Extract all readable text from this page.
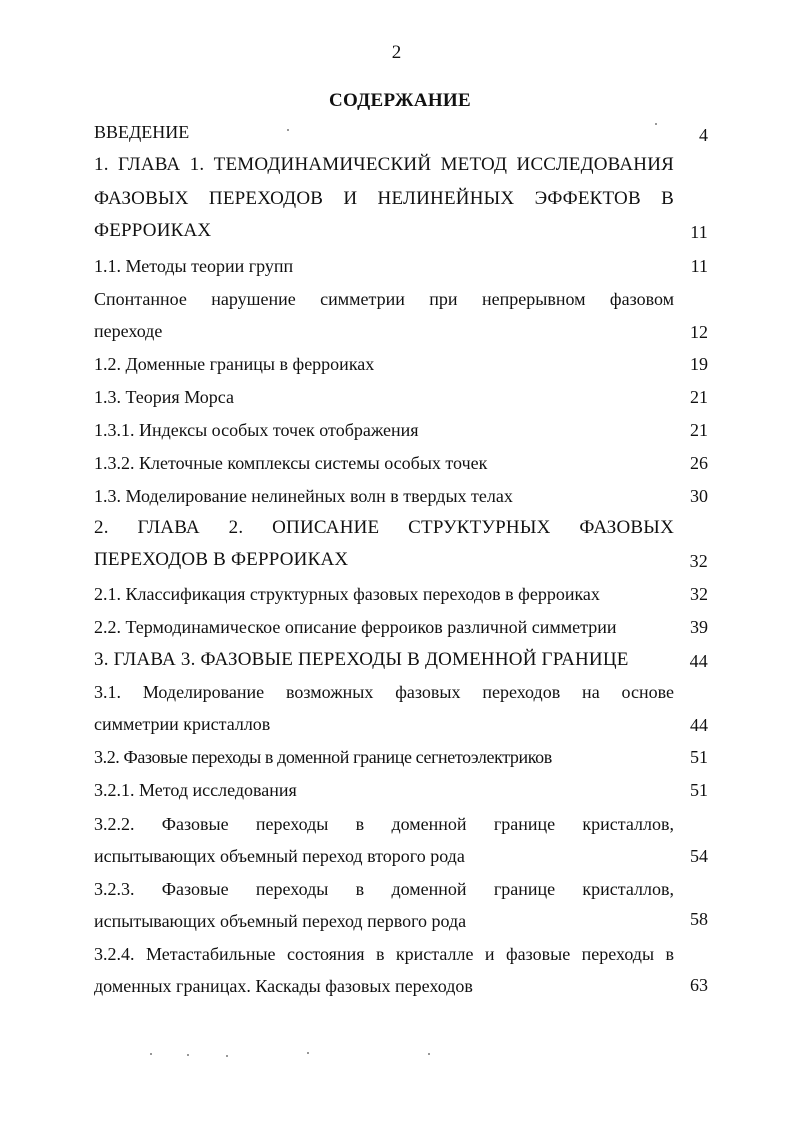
2
СОДЕРЖАНИЕ
ВВЕДЕНИЕ	4
1. ГЛАВА 1. ТЕМОДИНАМИЧЕСКИЙ МЕТОД ИССЛЕДОВАНИЯ
ФАЗОВЫХ ПЕРЕХОДОВ И НЕЛИНЕЙНЫХ ЭФФЕКТОВ В
ФЕРРОИКАХ	11
1.1. Методы теории групп	11
Спонтанное нарушение симметрии при непрерывном фазовом
переходе	12
1.2. Доменные границы в ферроиках	19
1.3. Теория Морса	21
1.3.1. Индексы особых точек отображения	21
1.3.2. Клеточные комплексы системы особых точек	26
1.3. Моделирование нелинейных волн в твердых телах	30
2. ГЛАВА 2. ОПИСАНИЕ СТРУКТУРНЫХ ФАЗОВЫХ
ПЕРЕХОДОВ В ФЕРРОИКАХ	32
2.1. Классификация структурных фазовых переходов в ферроиках	32
2.2. Термодинамическое описание ферроиков различной симметрии	39
3. ГЛАВА 3. ФАЗОВЫЕ ПЕРЕХОДЫ В ДОМЕННОЙ ГРАНИЦЕ	44
3.1. Моделирование возможных фазовых переходов на основе
симметрии кристаллов	44
3.2. Фазовые переходы в доменной границе сегнетоэлектриков	51
3.2.1. Метод исследования	51
3.2.2. Фазовые переходы в доменной границе кристаллов,
испытывающих объемный переход второго рода	54
3.2.3. Фазовые переходы в доменной границе кристаллов,
испытывающих объемный переход первого рода	58
3.2.4. Метастабильные состояния в кристалле и фазовые переходы в
доменных границах. Каскады фазовых переходов	63
